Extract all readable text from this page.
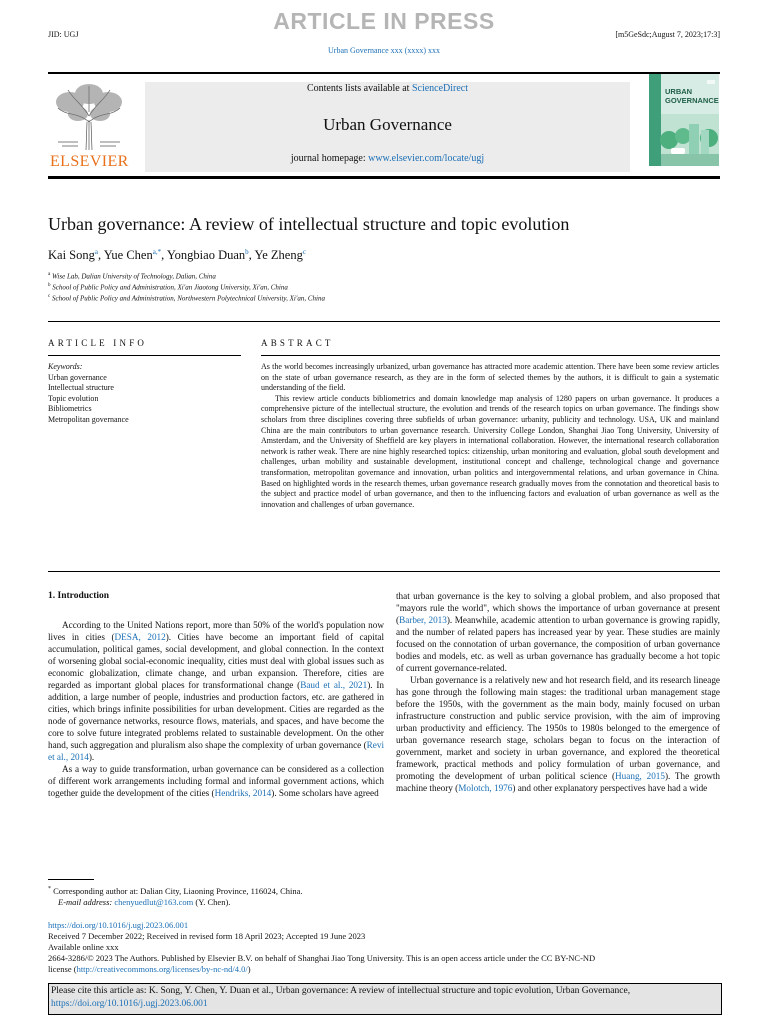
ARTICLE IN PRESS
JID: UGJ	[m5GeSdc;August 7, 2023;17:3]
Urban Governance xxx (xxxx) xxx
ELSEVIER
Contents lists available at ScienceDirect
Urban Governance
journal homepage: www.elsevier.com/locate/ugj
URBAN
GOVERNANCE
Urban governance: A review of intellectual structure and topic evolution
Kai Song$^a$, Yue Chen$^{a,*}$, Yongbiao Duan$^b$, Ye Zheng$^c$
$^a$ Wise Lab, Dalian University of Technology, Dalian, China
$^b$ School of Public Policy and Administration, Xi'an Jiaotong University, Xi'an, China
$^c$ School of Public Policy and Administration, Northwestern Polytechnical University, Xi'an, China
ARTICLE INFO	ABSTRACT
Keywords:
Urban governance
Intellectual structure
Topic evolution
Bibliometrics
Metropolitan governance

As the world becomes increasingly urbanized, urban governance has attracted more academic attention. There have been some review articles on the state of urban governance research, as they are in the form of selected themes by the authors, it is difficult to gain a systematic understanding of the field.

This review article conducts bibliometrics and domain knowledge map analysis of 1280 papers on urban governance. It produces a comprehensive picture of the intellectual structure, the evolution and trends of the research topics on urban governance. The findings show scholars from three disciplines covering three subfields of urban governance: urbanity, publicity and technology. USA, UK and mainland China are the main contributors to urban governance research. University College London, Shanghai Jiao Tong University, University of Amsterdam, and the University of Sheffield are key players in international collaboration. However, the international research collaboration network is rather weak. There are nine highly researched topics: citizenship, urban monitoring and evaluation, global south development and challenges, urban mobility and sustainable development, institutional concept and challenge, technological change and governance transformation, metropolitan governance and innovation, urban politics and intergovernmental relations, and urban governance in China. Based on highlighted words in the research themes, urban governance research gradually moves from the connotation and theoretical basis to the subject and practice model of urban governance, and then to the influencing factors and evaluation of urban governance as well as the innovation and challenges of urban governance.

1. Introduction

According to the United Nations report, more than 50% of the world's population now lives in cities (DESA, 2012). Cities have become an important field of capital accumulation, political games, social development, and global connection. In the context of worsening global social-economic inequality, cities must deal with global issues such as economic globalization, climate change, and urban expansion. Therefore, cities are regarded as important global places for transformational change (Baud et al., 2021). In addition, a large number of people, industries and production factors, etc. are gathered in cities, which brings infinite possibilities for urban development. Cities are regarded as the node of governance networks, resource flows, materials, and spaces, and have become the core to solve future integrated problems related to sustainable development. On the other hand, such aggregation and pluralism also shape the complexity of urban governance (Revi et al., 2014).

As a way to guide transformation, urban governance can be considered as a collection of different work arrangements including formal and informal government actions, which together guide the development of the cities (Hendriks, 2014). Some scholars have agreed

that urban governance is the key to solving a global problem, and also proposed that "mayors rule the world", which shows the importance of urban governance at present (Barber, 2013). Meanwhile, academic attention to urban governance is growing rapidly, and the number of related papers has increased year by year. These studies are mainly focused on the connotation of urban governance, the composition of urban governance bodies and models, etc. as well as urban governance has gradually become a hot topic of current governance-related.

Urban governance is a relatively new and hot research field, and its research lineage has gone through the following main stages: the traditional urban management stage before the 1950s, with the government as the main body, mainly focused on urban infrastructure construction and public service provision, with the aim of improving urban productivity and efficiency. The 1950s to 1980s belonged to the emergence of urban governance research stage, scholars began to focus on the interaction of government, market and society in urban governance, and explored the theoretical framework, practical methods and policy formulation of urban governance, and promoting the development of urban political science (Huang, 2015). The growth machine theory (Molotch, 1976) and other explanatory perspectives have had a wide

* Corresponding author at: Dalian City, Liaoning Province, 116024, China.
E-mail address: chenyuedlut@163.com (Y. Chen).
https://doi.org/10.1016/j.ugj.2023.06.001
Received 7 December 2022; Received in revised form 18 April 2023; Accepted 19 June 2023
Available online xxx
2664-3286/© 2023 The Authors. Published by Elsevier B.V. on behalf of Shanghai Jiao Tong University. This is an open access article under the CC BY-NC-ND
license (http://creativecommons.org/licenses/by-nc-nd/4.0/)
Please cite this article as: K. Song, Y. Chen, Y. Duan et al., Urban governance: A review of intellectual structure and topic evolution, Urban Governance, https://doi.org/10.1016/j.ugj.2023.06.001
